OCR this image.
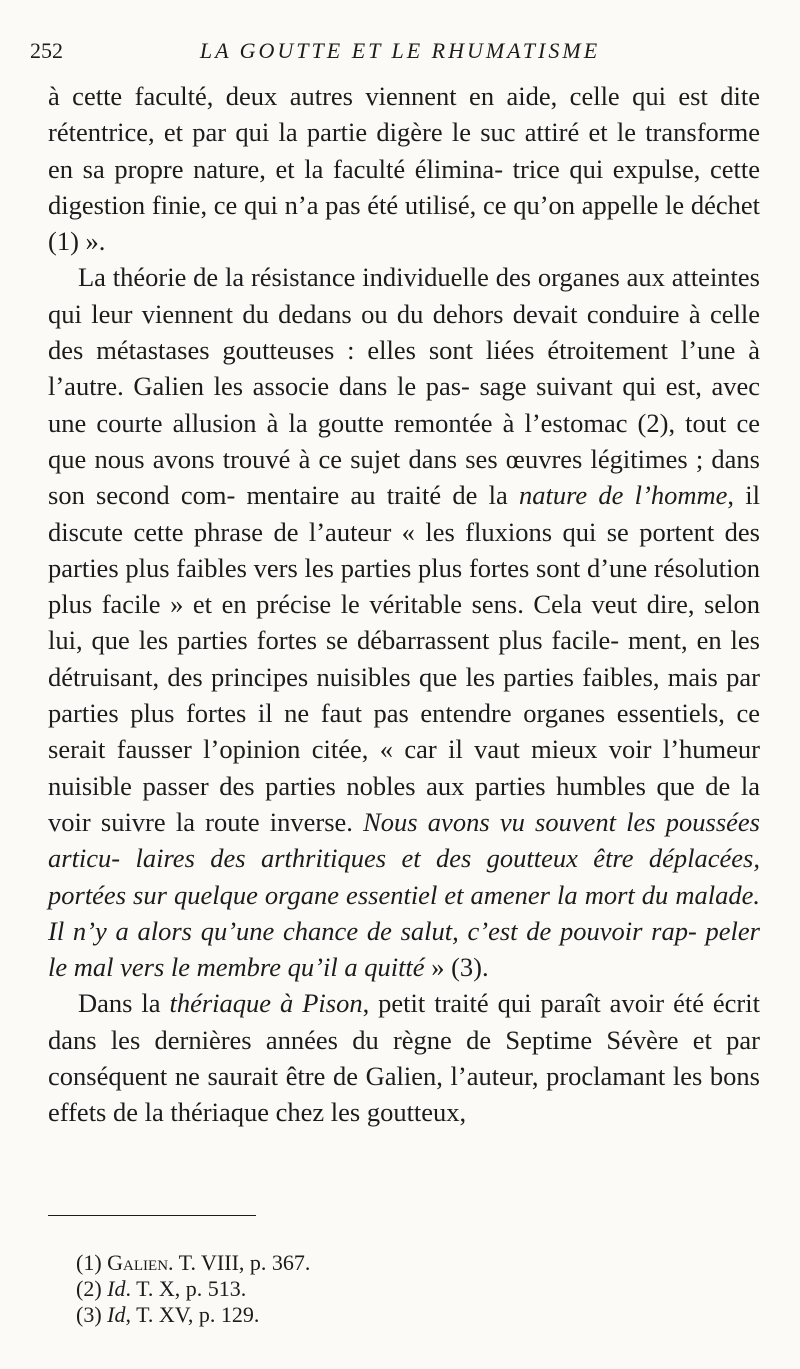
252	LA GOUTTE ET LE RHUMATISME

à cette faculté, deux autres viennent en aide, celle qui est dite rétentrice, et par qui la partie digère le suc attiré et le transforme en sa propre nature, et la faculté élimina- trice qui expulse, cette digestion finie, ce qui n’a pas été utilisé, ce qu’on appelle le déchet (1) ».

La théorie de la résistance individuelle des organes aux atteintes qui leur viennent du dedans ou du dehors devait conduire à celle des métastases goutteuses : elles sont liées étroitement l’une à l’autre. Galien les associe dans le pas- sage suivant qui est, avec une courte allusion à la goutte remontée à l’estomac (2), tout ce que nous avons trouvé à ce sujet dans ses œuvres légitimes ; dans son second com- mentaire au traité de la nature de l’homme, il discute cette phrase de l’auteur « les fluxions qui se portent des parties plus faibles vers les parties plus fortes sont d’une résolution plus facile » et en précise le véritable sens. Cela veut dire, selon lui, que les parties fortes se débarrassent plus facile- ment, en les détruisant, des principes nuisibles que les parties faibles, mais par parties plus fortes il ne faut pas entendre organes essentiels, ce serait fausser l’opinion citée, « car il vaut mieux voir l’humeur nuisible passer des parties nobles aux parties humbles que de la voir suivre la route inverse. Nous avons vu souvent les poussées articu- laires des arthritiques et des goutteux être déplacées, portées sur quelque organe essentiel et amener la mort du malade. Il n’y a alors qu’une chance de salut, c’est de pouvoir rap- peler le mal vers le membre qu’il a quitté » (3).

Dans la thériaque à Pison, petit traité qui paraît avoir été écrit dans les dernières années du règne de Septime Sévère et par conséquent ne saurait être de Galien, l’auteur, proclamant les bons effets de la thériaque chez les goutteux,

(1) Galien. T. VIII, p. 367.
(2) Id. T. X, p. 513.
(3) Id, T. XV, p. 129.
